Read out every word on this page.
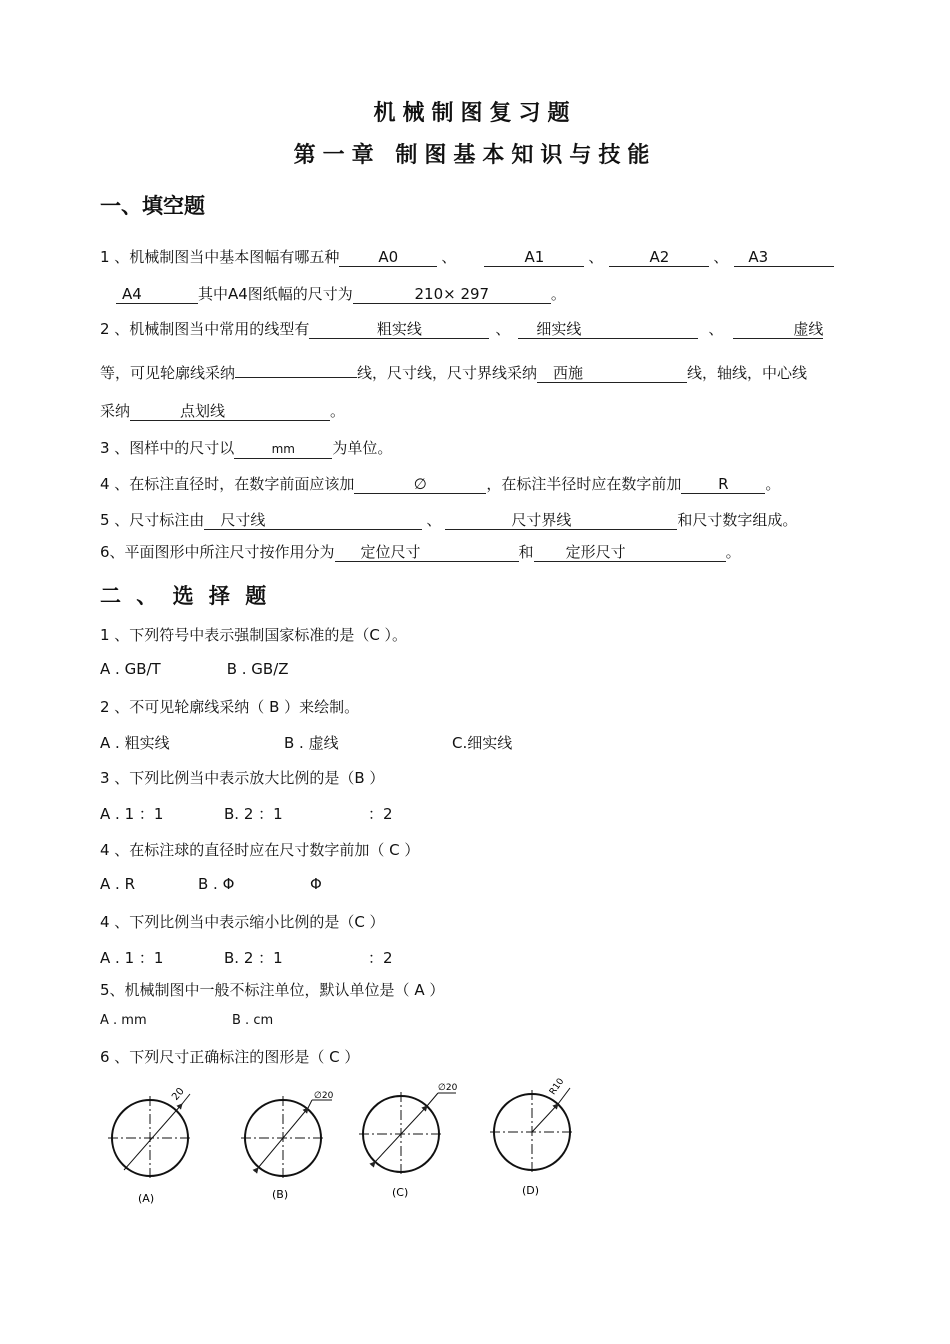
机械制图复习题
第一章 制图基本知识与技能
一、填空题
1 、机械制图当中基本图幅有哪五种	A0	、	A1	、	A2	、 A3
A4	其中A4图纸幅的尺寸为	210× 297	。
2 、机械制图当中常用的线型有	粗实线	、 细实线	、	虚线
等，可见轮廓线采纳	线，尺寸线，尺寸界线采纳 西施	线，轴线，中心线
采纳	点划线	。
3 、图样中的尺寸以	mm 为单位。
4 、在标注直径时，在数字前面应该加	∅	，在标注半径时应在数字前加 R 。
5 、尺寸标注由 尺寸线	、	尺寸界线	和尺寸数字组成。
6、平面图形中所注尺寸按作用分为 定位尺寸	和 定形尺寸	。
二 、 选 择 题
1 、下列符号中表示强制国家标准的是（C ）。
A . GB/T	B . GB/Z
2 、不可见轮廓线采纳（ B ）来绘制。
A . 粗实线	B . 虚线	C.细实线
3 、下列比例当中表示放大比例的是（B ）
A . 1 ：1	B. 2 ：1	：2
4 、在标注球的直径时应在尺寸数字前加（ C ）
A . R	B . Φ	Φ
4 、下列比例当中表示缩小比例的是（C ）
A . 1 ：1	B. 2 ：1	：2
5、机械制图中一般不标注单位，默认单位是（ A ）
A . mm	B . cm
6 、下列尺寸正确标注的图形是（ C ）
20
(A)
∅20
(B)
∅20
(C)
R10
(D)
